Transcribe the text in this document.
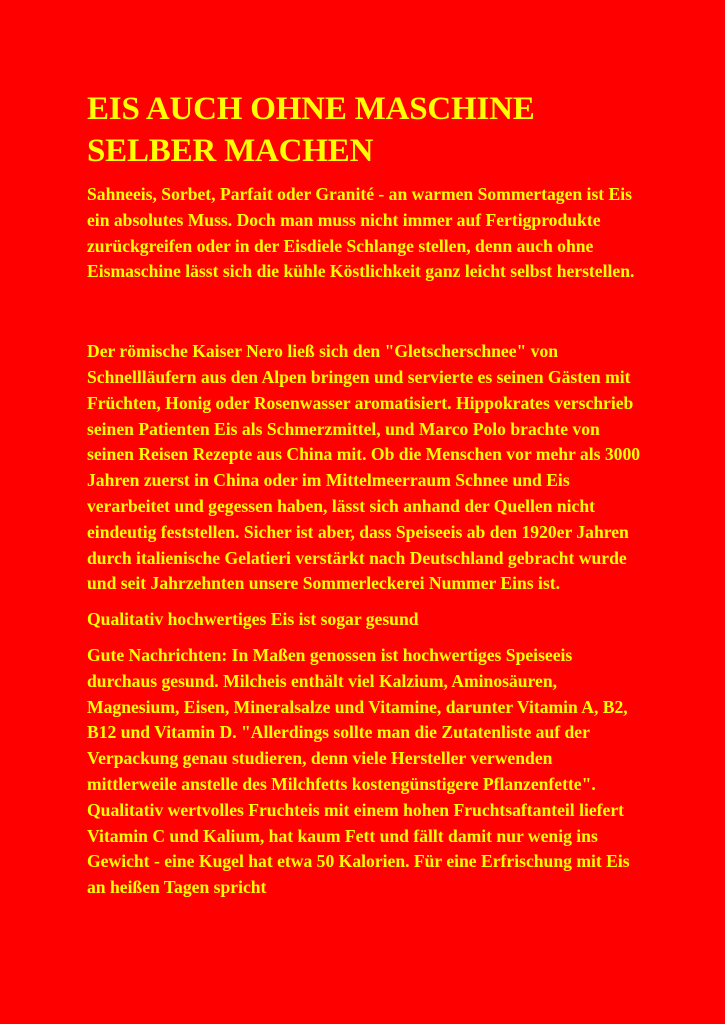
EIS AUCH OHNE MASCHINE
SELBER MACHEN

Sahneeis, Sorbet, Parfait oder Granité - an warmen Sommertagen ist Eis ein absolutes Muss. Doch man muss nicht immer auf Fertigprodukte zurückgreifen oder in der Eisdiele Schlange stellen, denn auch ohne Eismaschine lässt sich die kühle Köstlichkeit ganz leicht selbst herstellen.

Der römische Kaiser Nero ließ sich den "Gletscherschnee" von Schnellläufern aus den Alpen bringen und servierte es seinen Gästen mit Früchten, Honig oder Rosenwasser aromatisiert. Hippokrates verschrieb seinen Patienten Eis als Schmerzmittel, und Marco Polo brachte von seinen Reisen Rezepte aus China mit. Ob die Menschen vor mehr als 3000 Jahren zuerst in China oder im Mittelmeerraum Schnee und Eis verarbeitet und gegessen haben, lässt sich anhand der Quellen nicht eindeutig feststellen. Sicher ist aber, dass Speiseeis ab den 1920er Jahren durch italienische Gelatieri verstärkt nach Deutschland gebracht wurde und seit Jahrzehnten unsere Sommerleckerei Nummer Eins ist.

Qualitativ hochwertiges Eis ist sogar gesund

Gute Nachrichten: In Maßen genossen ist hochwertiges Speiseeis durchaus gesund. Milcheis enthält viel Kalzium, Aminosäuren, Magnesium, Eisen, Mineralsalze und Vitamine, darunter Vitamin A, B2, B12 und Vitamin D. "Allerdings sollte man die Zutatenliste auf der Verpackung genau studieren, denn viele Hersteller verwenden mittlerweile anstelle des Milchfetts kostengünstigere Pflanzenfette". Qualitativ wertvolles Fruchteis mit einem hohen Fruchtsaftanteil liefert Vitamin C und Kalium, hat kaum Fett und fällt damit nur wenig ins Gewicht - eine Kugel hat etwa 50 Kalorien. Für eine Erfrischung mit Eis an heißen Tagen spricht
